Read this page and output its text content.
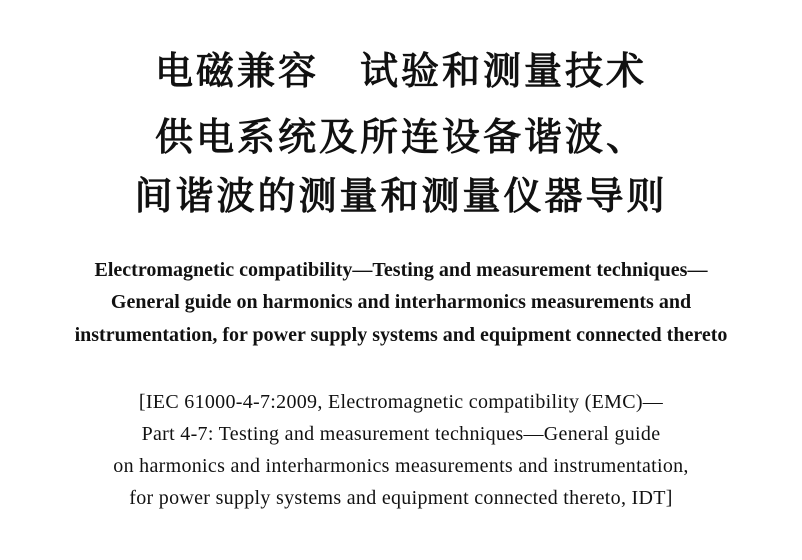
电磁兼容　试验和测量技术
供电系统及所连设备谐波、
间谐波的测量和测量仪器导则
Electromagnetic compatibility—Testing and measurement techniques—
General guide on harmonics and interharmonics measurements and
instrumentation, for power supply systems and equipment connected thereto
[IEC 61000-4-7:2009, Electromagnetic compatibility (EMC)—
Part 4-7: Testing and measurement techniques—General guide
on harmonics and interharmonics measurements and instrumentation,
for power supply systems and equipment connected thereto, IDT]
